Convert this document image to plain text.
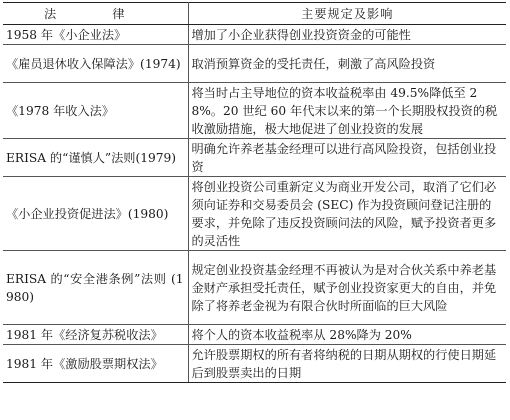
法　律	主要规定及影响
1958 年《小企业法》	增加了小企业获得创业投资资金的可能性
《雇员退休收入保障法》(1974)	取消预算资金的受托责任，刺激了高风险投资
《1978 年收入法》	将当时占主导地位的资本收益税率由 49.5%降低至 28%。20 世纪 60 年代末以来的第一个长期股权投资的税收激励措施，极大地促进了创业投资的发展
ERISA 的“谨慎人”法则(1979)	明确允许养老基金经理可以进行高风险投资，包括创业投资
《小企业投资促进法》(1980)	将创业投资公司重新定义为商业开发公司，取消了它们必须向证券和交易委员会 (SEC) 作为投资顾问登记注册的要求，并免除了违反投资顾问法的风险，赋予投资者更多的灵活性
ERISA 的“安全港条例”法则 (1980)	规定创业投资基金经理不再被认为是对合伙关系中养老基金财产承担受托责任，赋予创业投资家更大的自由，并免除了将养老金视为有限合伙时所面临的巨大风险
1981 年《经济复苏税收法》	将个人的资本收益税率从 28%降为 20%
1981 年《激励股票期权法》	允许股票期权的所有者将纳税的日期从期权的行使日期延后到股票卖出的日期
